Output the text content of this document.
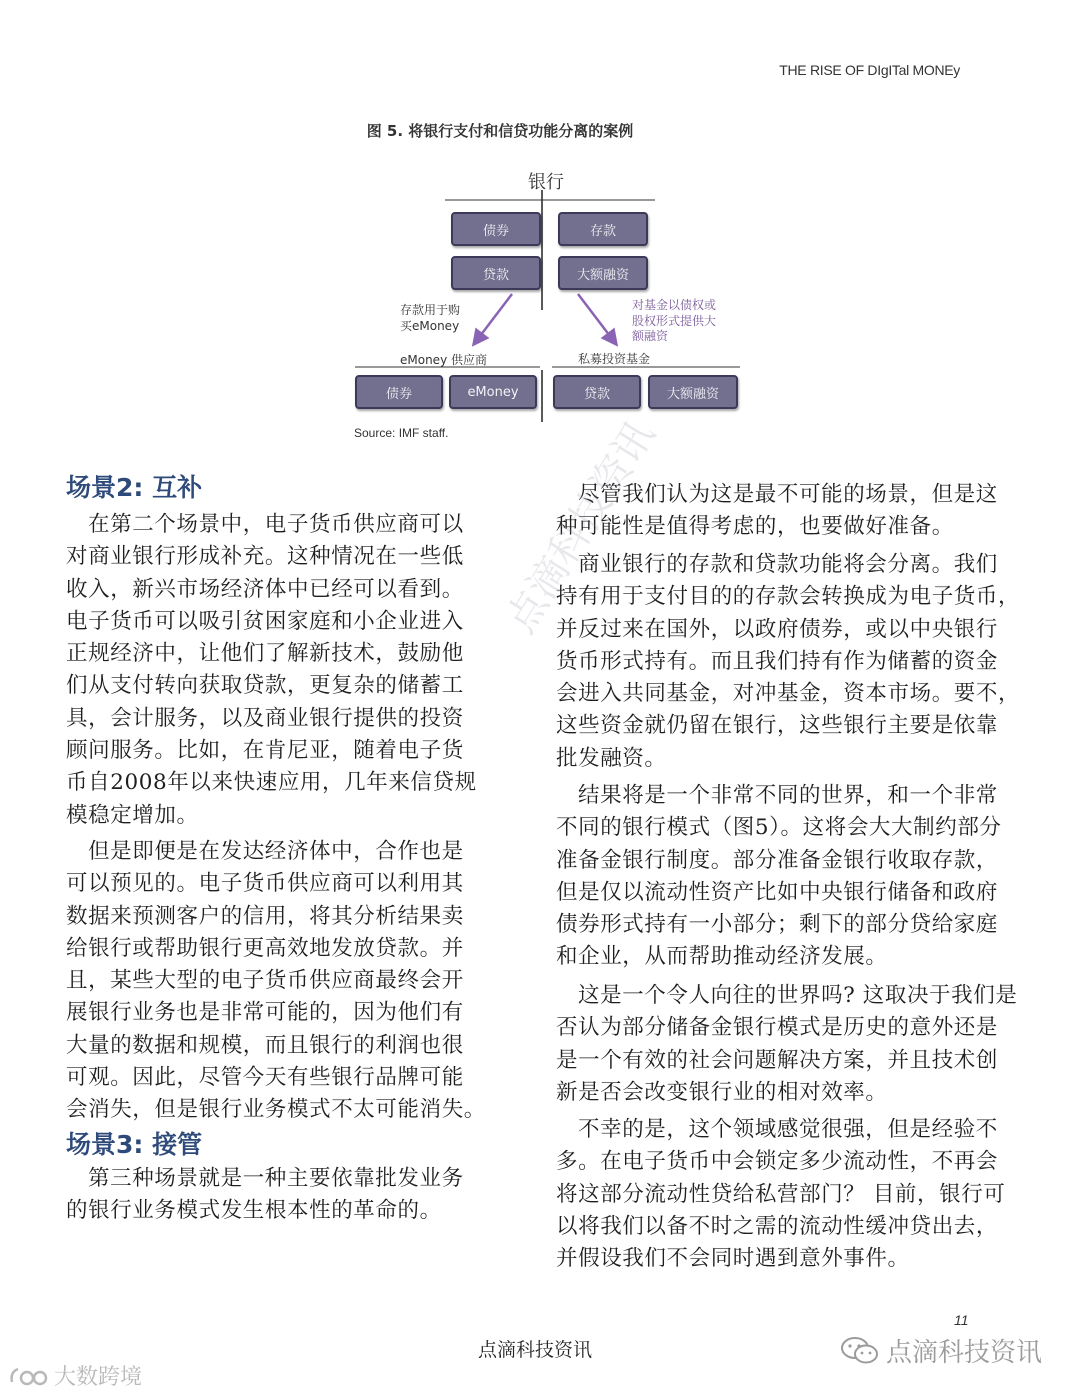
THE RISE OF DIgITal MONEy
图 5. 将银行支付和信贷功能分离的案例
银行
债券	存款
贷款	大额融资
存款用于购
买eMoney
对基金以债权或
股权形式提供大
额融资
eMoney 供应商	私募投资基金
债券	eMoney	贷款	大额融资
Source: IMF staff.
场景2: 互补
在第二个场景中，电子货币供应商可以
对商业银行形成补充。这种情况在一些低
收入，新兴市场经济体中已经可以看到。
电子货币可以吸引贫困家庭和小企业进入
正规经济中，让他们了解新技术，鼓励他
们从支付转向获取贷款，更复杂的储蓄工
具，会计服务，以及商业银行提供的投资
顾问服务。比如，在肯尼亚，随着电子货
币自2008年以来快速应用，几年来信贷规
模稳定增加。
但是即便是在发达经济体中，合作也是
可以预见的。电子货币供应商可以利用其
数据来预测客户的信用，将其分析结果卖
给银行或帮助银行更高效地发放贷款。并
且，某些大型的电子货币供应商最终会开
展银行业务也是非常可能的，因为他们有
大量的数据和规模，而且银行的利润也很
可观。因此，尽管今天有些银行品牌可能
会消失，但是银行业务模式不太可能消失。
场景3: 接管
第三种场景就是一种主要依靠批发业务
的银行业务模式发生根本性的革命的。
尽管我们认为这是最不可能的场景，但是这
种可能性是值得考虑的，也要做好准备。
商业银行的存款和贷款功能将会分离。我们
持有用于支付目的的存款会转换成为电子货币，
并反过来在国外，以政府债券，或以中央银行
货币形式持有。而且我们持有作为储蓄的资金
会进入共同基金，对冲基金，资本市场。要不，
这些资金就仍留在银行，这些银行主要是依靠
批发融资。
结果将是一个非常不同的世界，和一个非常
不同的银行模式（图5）。这将会大大制约部分
准备金银行制度。部分准备金银行收取存款，
但是仅以流动性资产比如中央银行储备和政府
债券形式持有一小部分；剩下的部分贷给家庭
和企业，从而帮助推动经济发展。
这是一个令人向往的世界吗? 这取决于我们是
否认为部分储备金银行模式是历史的意外还是
是一个有效的社会问题解决方案，并且技术创
新是否会改变银行业的相对效率。
不幸的是，这个领域感觉很强，但是经验不
多。在电子货币中会锁定多少流动性，不再会
将这部分流动性贷给私营部门？ 目前，银行可
以将我们以备不时之需的流动性缓冲贷出去，
并假设我们不会同时遇到意外事件。
点滴科技资讯
11
点滴科技资讯	点滴科技资讯
大数跨境
